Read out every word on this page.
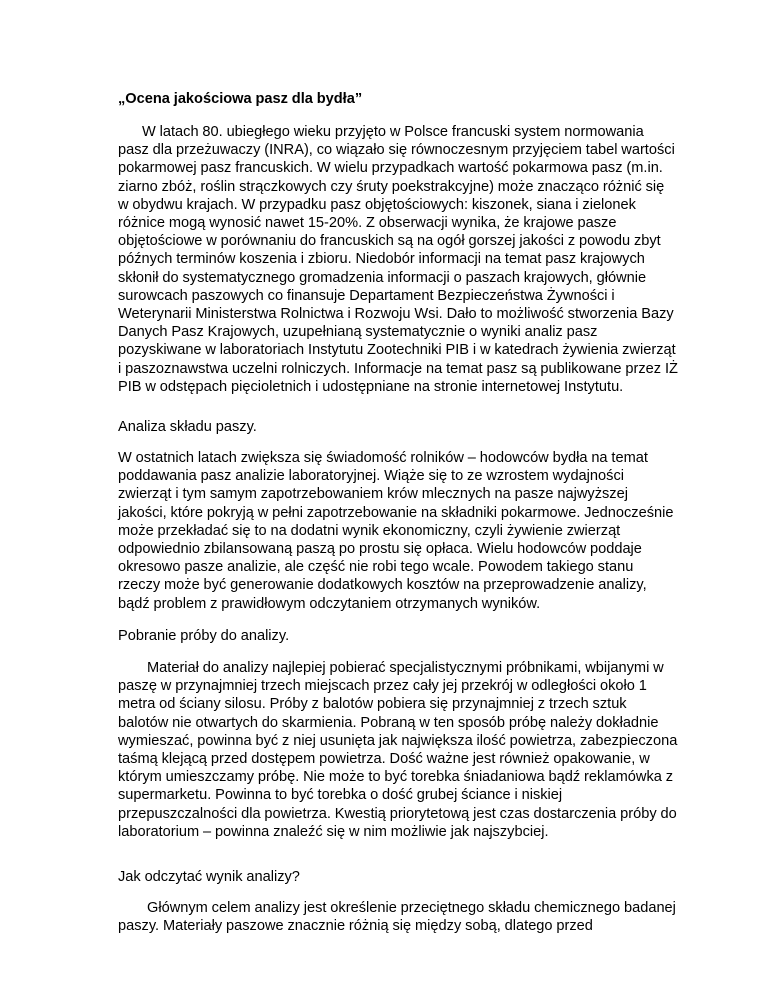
„Ocena jakościowa pasz dla bydła”

W latach 80. ubiegłego wieku przyjęto w Polsce francuski system normowania pasz dla przeżuwaczy (INRA), co wiązało się równoczesnym przyjęciem tabel wartości pokarmowej pasz francuskich. W wielu przypadkach wartość pokarmowa pasz (m.in. ziarno zbóż, roślin strączkowych czy śruty poekstrakcyjne) może znacząco różnić się w obydwu krajach. W przypadku pasz objętościowych: kiszonek, siana i zielonek różnice mogą wynosić nawet 15-20%. Z obserwacji wynika, że krajowe pasze objętościowe w porównaniu do francuskich są na ogół gorszej jakości z powodu zbyt późnych terminów koszenia i zbioru. Niedobór informacji na temat pasz krajowych skłonił do systematycznego gromadzenia informacji o paszach krajowych, głównie surowcach paszowych co finansuje Departament Bezpieczeństwa Żywności i Weterynarii Ministerstwa Rolnictwa i Rozwoju Wsi. Dało to możliwość stworzenia Bazy Danych Pasz Krajowych, uzupełnianą systematycznie o wyniki analiz pasz pozyskiwane w laboratoriach Instytutu Zootechniki PIB i w katedrach żywienia zwierząt i paszoznawstwa uczelni rolniczych. Informacje na temat pasz są publikowane przez IŻ PIB w odstępach pięcioletnich i udostępniane na stronie internetowej Instytutu.

Analiza składu paszy.

W ostatnich latach zwiększa się świadomość rolników – hodowców bydła na temat poddawania pasz analizie laboratoryjnej. Wiąże się to ze wzrostem wydajności zwierząt i tym samym zapotrzebowaniem krów mlecznych na pasze najwyższej jakości, które pokryją w pełni zapotrzebowanie na składniki pokarmowe. Jednocześnie może przekładać się to na dodatni wynik ekonomiczny, czyli żywienie zwierząt odpowiednio zbilansowaną paszą po prostu się opłaca. Wielu hodowców poddaje okresowo pasze analizie, ale część nie robi tego wcale. Powodem takiego stanu rzeczy może być generowanie dodatkowych kosztów na przeprowadzenie analizy, bądź problem z prawidłowym odczytaniem otrzymanych wyników.

Pobranie próby do analizy.

Materiał do analizy najlepiej pobierać specjalistycznymi próbnikami, wbijanymi w paszę w przynajmniej trzech miejscach przez cały jej przekrój w odległości około 1 metra od ściany silosu. Próby z balotów pobiera się przynajmniej z trzech sztuk balotów nie otwartych do skarmienia. Pobraną w ten sposób próbę należy dokładnie wymieszać, powinna być z niej usunięta jak największa ilość powietrza, zabezpieczona taśmą klejącą przed dostępem powietrza. Dość ważne jest również opakowanie, w którym umieszczamy próbę. Nie może to być torebka śniadaniowa bądź reklamówka z supermarketu. Powinna to być torebka o dość grubej ściance i niskiej przepuszczalności dla powietrza. Kwestią priorytetową jest czas dostarczenia próby do laboratorium – powinna znaleźć się w nim możliwie jak najszybciej.

Jak odczytać wynik analizy?

Głównym celem analizy jest określenie przeciętnego składu chemicznego badanej paszy. Materiały paszowe znacznie różnią się między sobą, dlatego przed
